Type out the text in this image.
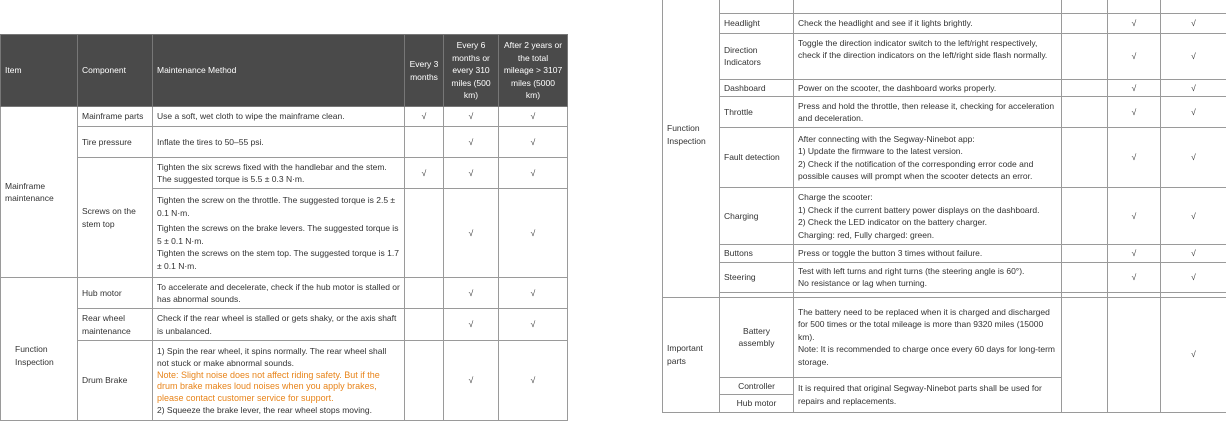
Item	Component	Maintenance Method	Every 3 months	Every 6 months or every 310 miles (500 km)	After 2 years or the total mileage > 3107 miles (5000 km)
Mainframe maintenance	Mainframe parts	Use a soft, wet cloth to wipe the mainframe clean.	√	√	√
	Tire pressure	Inflate the tires to 50–55 psi.		√	√
	Screws on the stem top	Tighten the six screws fixed with the handlebar and the stem. The suggested torque is 5.5 ± 0.3 N·m.	√	√	√

		Tighten the screw on the throttle. The suggested torque is 2.5 ± 0.1 N·m.
Tighten the screws on the brake levers. The suggested torque is 5 ± 0.1 N·m.
Tighten the screws on the stem top. The suggested torque is 1.7 ± 0.1 N·m.		√	√
Function Inspection	Hub motor	To accelerate and decelerate, check if the hub motor is stalled or has abnormal sounds.		√	√
	Rear wheel maintenance	Check if the rear wheel is stalled or gets shaky, or the axis shaft is unbalanced.		√	√
	Drum Brake	1) Spin the rear wheel, it spins normally. The rear wheel shall not stuck or make abnormal sounds.
Note: Slight noise does not affect riding safety. But if the drum brake makes loud noises when you apply brakes, please contact customer service for support.
2) Squeeze the brake lever, the rear wheel stops moving.		√	√
Function Inspection					
	Headlight	Check the headlight and see if it lights brightly.		√	√
	Direction Indicators	Toggle the direction indicator switch to the left/right respectively, check if the direction indicators on the left/right side flash normally.		√	√
	Dashboard	Power on the scooter, the dashboard works properly.		√	√
	Throttle	Press and hold the throttle, then release it, checking for acceleration and deceleration.		√	√
	Fault detection	After connecting with the Segway-Ninebot app:
1) Update the firmware to the latest version.
2) Check if the notification of the corresponding error code and possible causes will prompt when the scooter detects an error.		√	√
	Charging	Charge the scooter:
1) Check if the current battery power displays on the dashboard.
2) Check the LED indicator on the battery charger.
Charging: red, Fully charged: green.		√	√
	Buttons	Press or toggle the button 3 times without failure.		√	√
	Steering	Test with left turns and right turns (the steering angle is 60°).
No resistance or lag when turning.		√	√

Important parts	Battery assembly	The battery need to be replaced when it is charged and discharged for 500 times or the total mileage is more than 9320 miles (15000 km).
Note: It is recommended to charge once every 60 days for long-term storage.			√
	Controller	It is required that original Segway-Ninebot parts shall be used for repairs and replacements.			
	Hub motor				
